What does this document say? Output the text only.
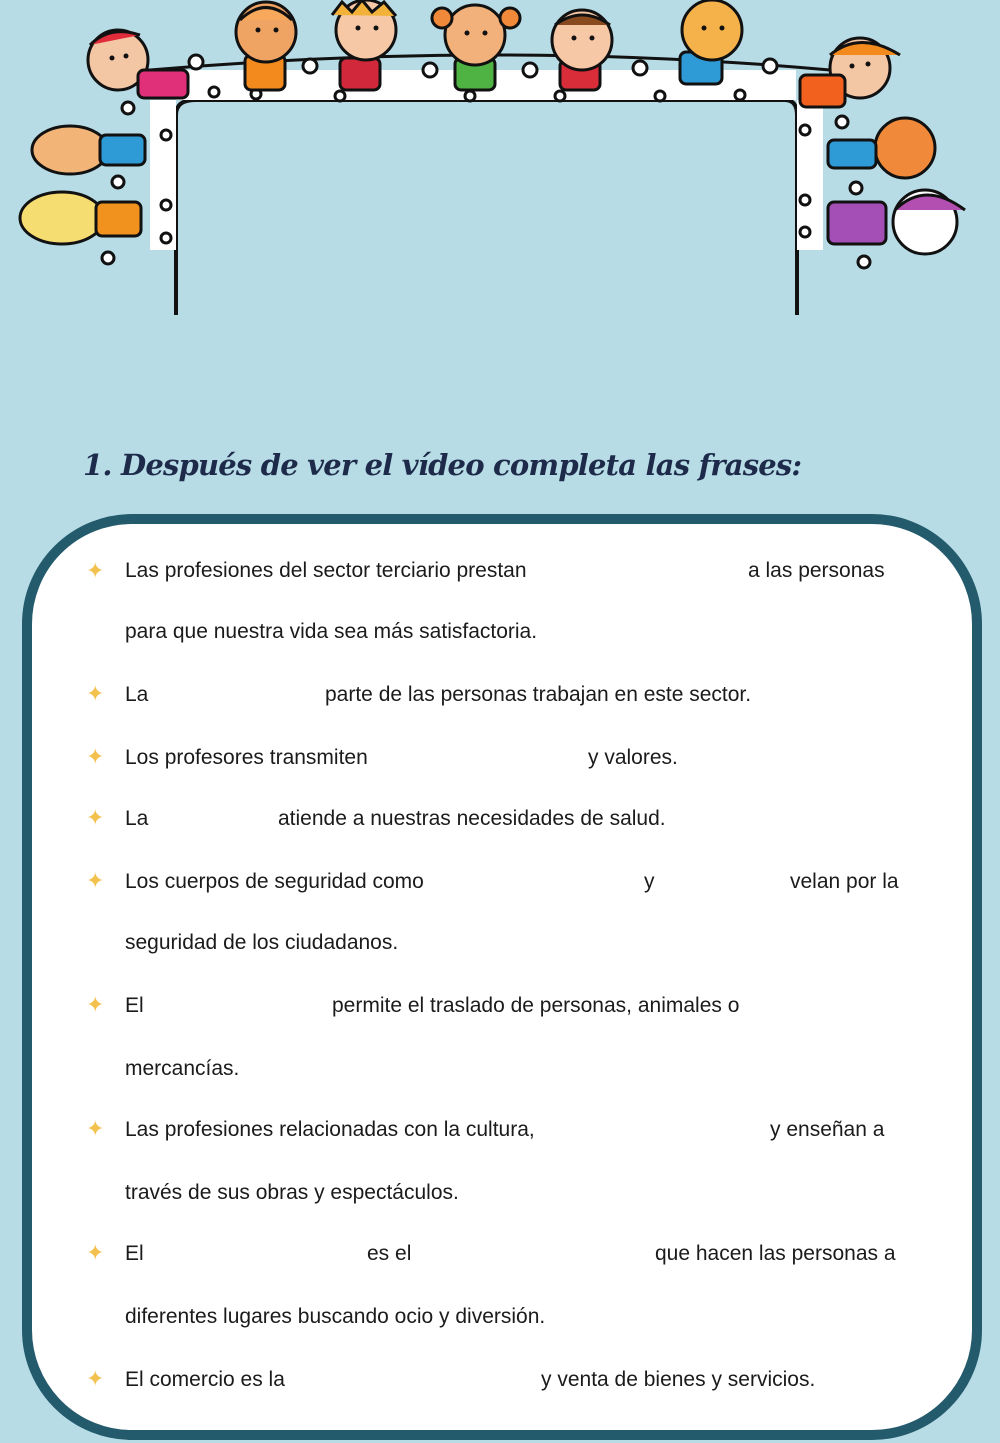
1. Después de ver el vídeo completa las frases:
✦ Las profesiones del sector terciario prestan	a las personas

para que nuestra vida sea más satisfactoria.

✦ La	parte de las personas trabajan en este sector.

✦ Los profesores transmiten	y valores.

✦ La	atiende a nuestras necesidades de salud.

✦ Los cuerpos de seguridad como	y	velan por la

seguridad de los ciudadanos.

✦ El	permite el traslado de personas, animales o

mercancías.

✦ Las profesiones relacionadas con la cultura,	y enseñan a

través de sus obras y espectáculos.

✦ El	es el	que hacen las personas a

diferentes lugares buscando ocio y diversión.

✦ El comercio es la	y venta de bienes y servicios.
